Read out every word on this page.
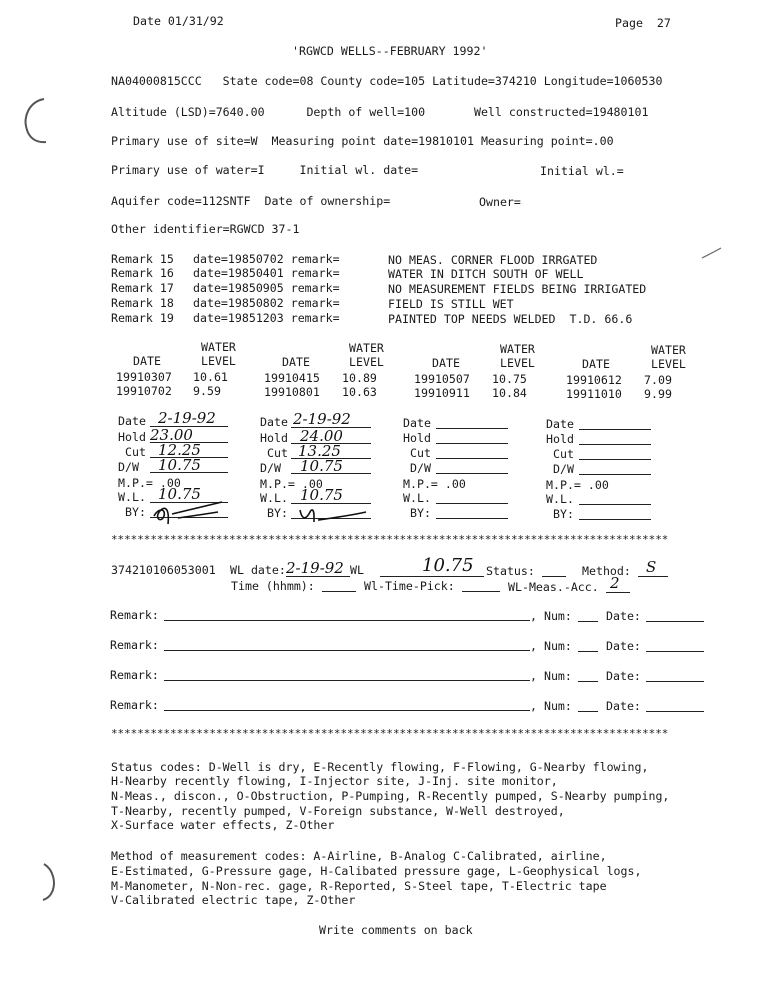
Date 01/31/92	Page  27
'RGWCD WELLS--FEBRUARY 1992'
NA04000815CCC   State code=08 County code=105 Latitude=374210 Longitude=1060530
Altitude (LSD)=7640.00      Depth of well=100       Well constructed=19480101
Primary use of site=W  Measuring point date=19810101 Measuring point=.00
Primary use of water=I     Initial wl. date=	Initial wl.=
Aquifer code=112SNTF  Date of ownership=	Owner=
Other identifier=RGWCD 37-1
Remark 15 date=19850702 remark=	NO MEAS. CORNER FLOOD IRRGATED
Remark 16 date=19850401 remark=	WATER IN DITCH SOUTH OF WELL
Remark 17 date=19850905 remark=	NO MEASUREMENT FIELDS BEING IRRIGATED
Remark 18 date=19850802 remark=	FIELD IS STILL WET
Remark 19 date=19851203 remark=	PAINTED TOP NEEDS WELDED  T.D. 66.6
WATER
DATE	LEVEL
19910307 10.61
19910702 9.59
WATER
DATE	LEVEL
19910415 10.89
19910801 10.63
WATER
DATE	LEVEL
19910507 10.75
19910911 10.84
WATER
DATE	LEVEL
19910612 7.09
19911010 9.99
Date 2-19-92
Hold 23.00
Cut 12.25
D/W 10.75
M.P.= .00
W.L. 10.75
BY:
Date 2-19-92
Hold 24.00
Cut 13.25
D/W 10.75
M.P.= .00
W.L. 10.75
BY:
Date
Hold
Cut
D/W
M.P.= .00
W.L.
BY:
Date
Hold
Cut
D/W
M.P.= .00
W.L.
BY:
*************************************************************************************
374210106053001 WL date: 2-19-92 WL	10.75 Status:	Method: S
Time (hhmm):	Wl-Time-Pick:	WL-Meas.-Acc. 2
Remark:	, Num:	Date:
Remark:	, Num:	Date:
Remark:	, Num:	Date:
Remark:	, Num:	Date:
*************************************************************************************
Status codes: D-Well is dry, E-Recently flowing, F-Flowing, G-Nearby flowing,
H-Nearby recently flowing, I-Injector site, J-Inj. site monitor,
N-Meas., discon., O-Obstruction, P-Pumping, R-Recently pumped, S-Nearby pumping,
T-Nearby, recently pumped, V-Foreign substance, W-Well destroyed,
X-Surface water effects, Z-Other
Method of measurement codes: A-Airline, B-Analog C-Calibrated, airline,
E-Estimated, G-Pressure gage, H-Calibated pressure gage, L-Geophysical logs,
M-Manometer, N-Non-rec. gage, R-Reported, S-Steel tape, T-Electric tape
V-Calibrated electric tape, Z-Other
Write comments on back
